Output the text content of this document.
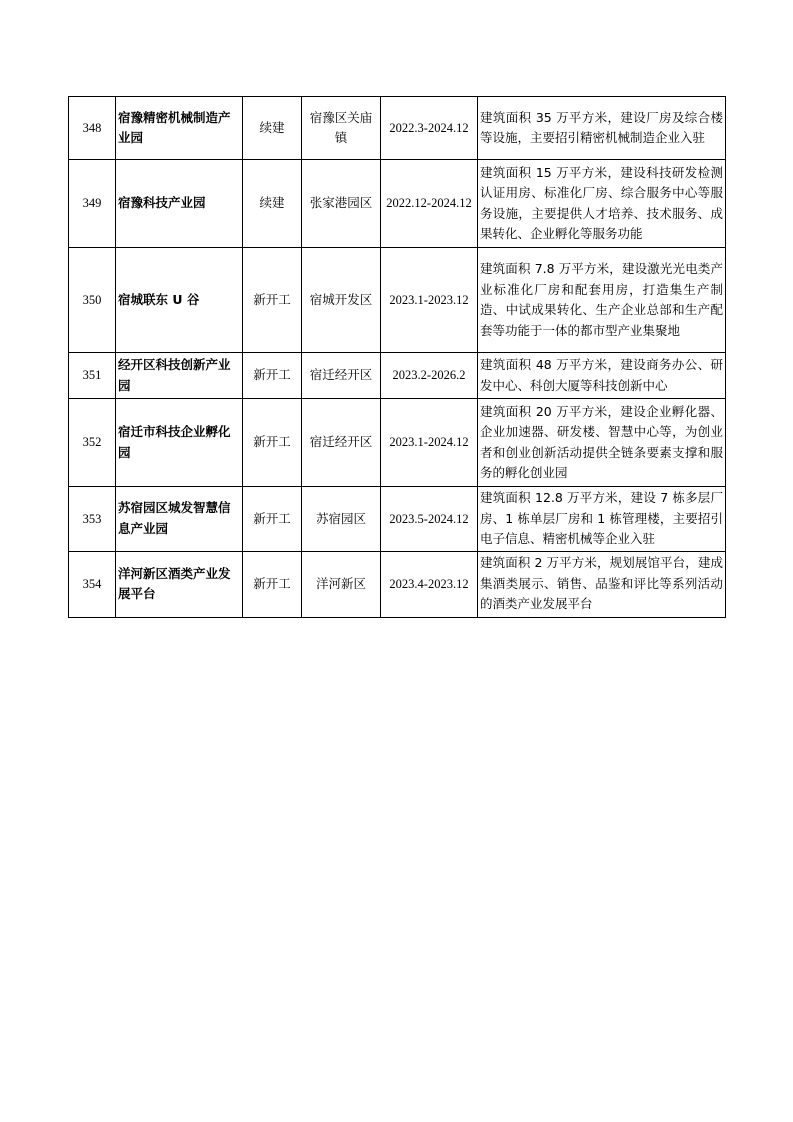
348	宿豫精密机械制造产业园	续建	宿豫区关庙镇	2022.3-2024.12	建筑面积 35 万平方米，建设厂房及综合楼等设施，主要招引精密机械制造企业入驻
349	宿豫科技产业园	续建	张家港园区	2022.12-2024.12	建筑面积 15 万平方米，建设科技研发检测认证用房、标准化厂房、综合服务中心等服务设施，主要提供人才培养、技术服务、成果转化、企业孵化等服务功能
350	宿城联东 U 谷	新开工	宿城开发区	2023.1-2023.12	建筑面积 7.8 万平方米，建设激光光电类产业标准化厂房和配套用房，打造集生产制造、中试成果转化、生产企业总部和生产配套等功能于一体的都市型产业集聚地
351	经开区科技创新产业园	新开工	宿迁经开区	2023.2-2026.2	建筑面积 48 万平方米，建设商务办公、研发中心、科创大厦等科技创新中心
352	宿迁市科技企业孵化园	新开工	宿迁经开区	2023.1-2024.12	建筑面积 20 万平方米，建设企业孵化器、企业加速器、研发楼、智慧中心等，为创业者和创业创新活动提供全链条要素支撑和服务的孵化创业园
353	苏宿园区城发智慧信息产业园	新开工	苏宿园区	2023.5-2024.12	建筑面积 12.8 万平方米，建设 7 栋多层厂房、1 栋单层厂房和 1 栋管理楼，主要招引电子信息、精密机械等企业入驻
354	洋河新区酒类产业发展平台	新开工	洋河新区	2023.4-2023.12	建筑面积 2 万平方米，规划展馆平台，建成集酒类展示、销售、品鉴和评比等系列活动的酒类产业发展平台
